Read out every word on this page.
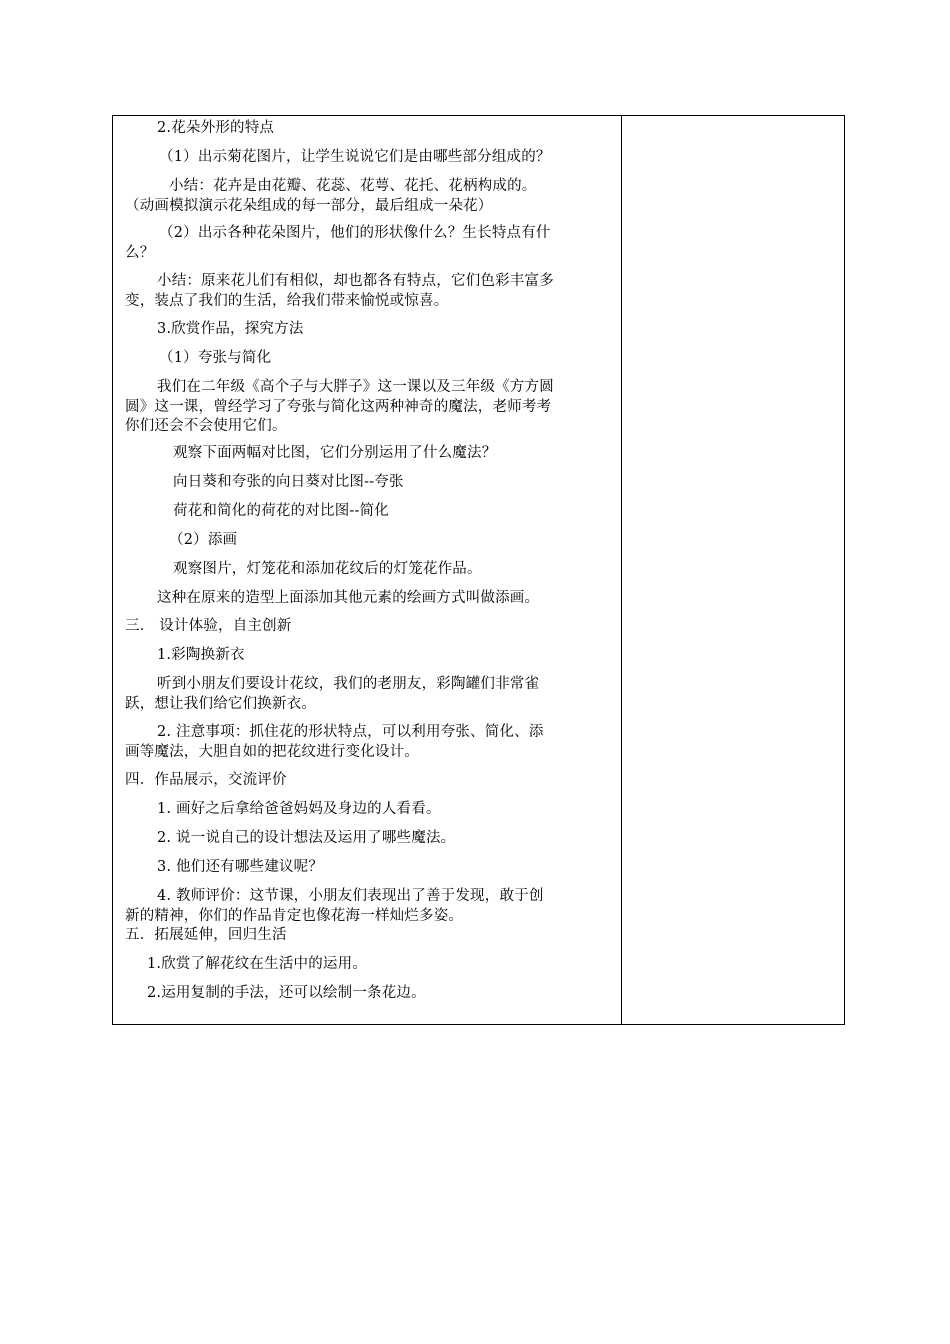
2.花朵外形的特点
（1）出示菊花图片，让学生说说它们是由哪些部分组成的？
小结：花卉是由花瓣、花蕊、花萼、花托、花柄构成的。
（动画模拟演示花朵组成的每一部分，最后组成一朵花）
（2）出示各种花朵图片，他们的形状像什么？生长特点有什
么？
小结：原来花儿们有相似，却也都各有特点，它们色彩丰富多
变，装点了我们的生活，给我们带来愉悦或惊喜。
3.欣赏作品，探究方法
（1）夸张与简化
我们在二年级《高个子与大胖子》这一课以及三年级《方方圆
圆》这一课，曾经学习了夸张与简化这两种神奇的魔法，老师考考
你们还会不会使用它们。
观察下面两幅对比图，它们分别运用了什么魔法？
向日葵和夸张的向日葵对比图--夸张
荷花和简化的荷花的对比图--简化
（2）添画
观察图片，灯笼花和添加花纹后的灯笼花作品。
这种在原来的造型上面添加其他元素的绘画方式叫做添画。
三． 设计体验，自主创新
1.彩陶换新衣
听到小朋友们要设计花纹，我们的老朋友，彩陶罐们非常雀
跃，想让我们给它们换新衣。
2. 注意事项：抓住花的形状特点，可以利用夸张、简化、添
画等魔法，大胆自如的把花纹进行变化设计。
四．作品展示，交流评价
1. 画好之后拿给爸爸妈妈及身边的人看看。
2. 说一说自己的设计想法及运用了哪些魔法。
3. 他们还有哪些建议呢？
4. 教师评价：这节课，小朋友们表现出了善于发现，敢于创
新的精神，你们的作品肯定也像花海一样灿烂多姿。
五．拓展延伸，回归生活
1.欣赏了解花纹在生活中的运用。
2.运用复制的手法，还可以绘制一条花边。
